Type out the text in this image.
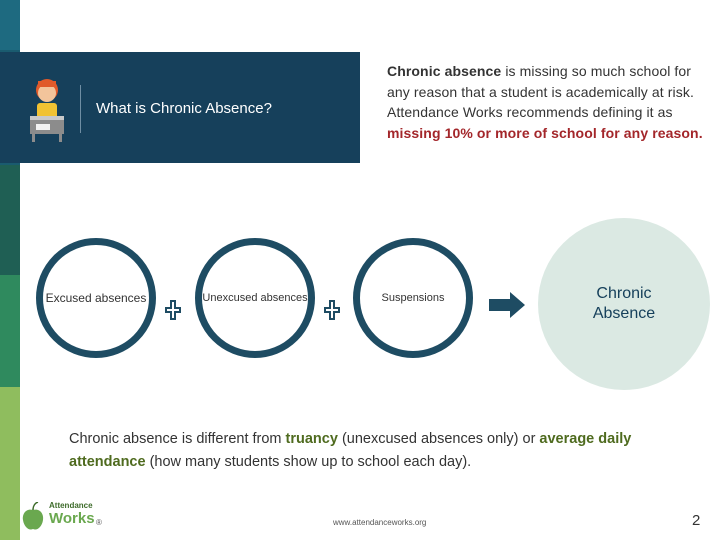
What is Chronic Absence?
Chronic absence is missing so much school for any reason that a student is academically at risk. Attendance Works recommends defining it as missing 10% or more of school for any reason.
Excused absences	Unexcused absences	Suspensions	Chronic Absence
Chronic absence is different from truancy (unexcused absences only) or average daily attendance (how many students show up to school each day).
Attendance
Works ®	www.attendanceworks.org	2
